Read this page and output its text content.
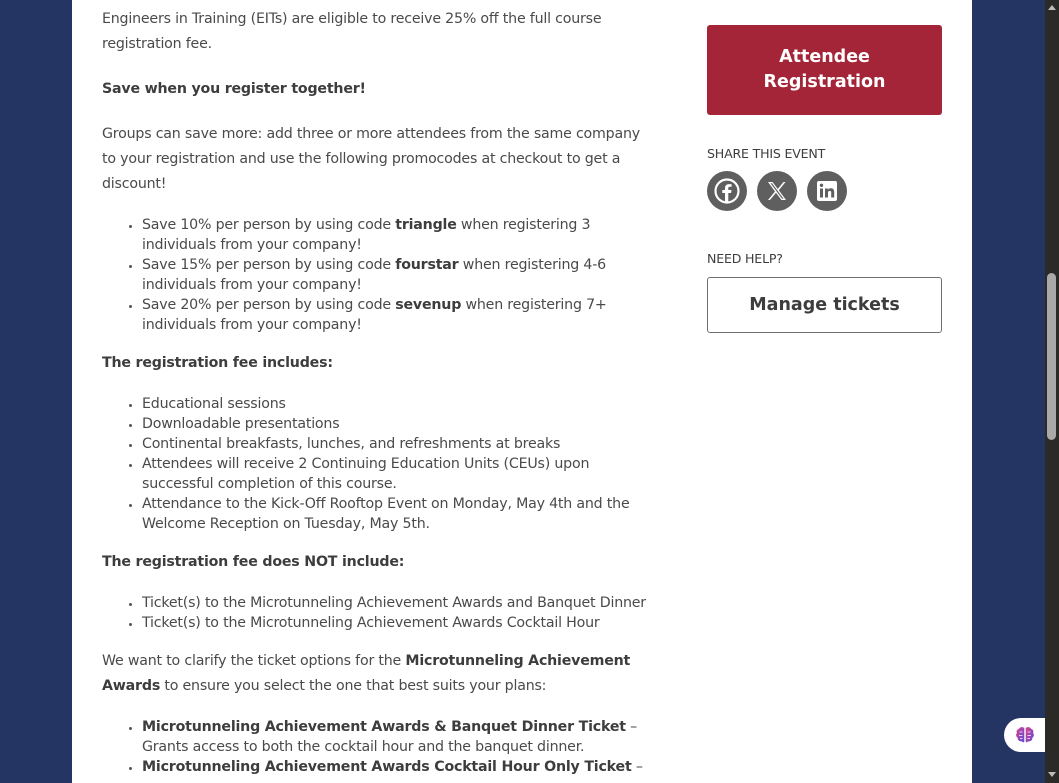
Engineers in Training (EITs) are eligible to receive 25% off the full course registration fee.

Save when you register together!

Groups can save more: add three or more attendees from the same company to your registration and use the following promocodes at checkout to get a discount!

• Save 10% per person by using code triangle when registering 3 individuals from your company!
• Save 15% per person by using code fourstar when registering 4-6 individuals from your company!
• Save 20% per person by using code sevenup when registering 7+ individuals from your company!

The registration fee includes:

• Educational sessions
• Downloadable presentations
• Continental breakfasts, lunches, and refreshments at breaks
• Attendees will receive 2 Continuing Education Units (CEUs) upon successful completion of this course.
• Attendance to the Kick-Off Rooftop Event on Monday, May 4th and the Welcome Reception on Tuesday, May 5th.

The registration fee does NOT include:

• Ticket(s) to the Microtunneling Achievement Awards and Banquet Dinner
• Ticket(s) to the Microtunneling Achievement Awards Cocktail Hour

We want to clarify the ticket options for the Microtunneling Achievement Awards to ensure you select the one that best suits your plans:

• Microtunneling Achievement Awards & Banquet Dinner Ticket – Grants access to both the cocktail hour and the banquet dinner.
• Microtunneling Achievement Awards Cocktail Hour Only Ticket –
Attendee Registration
SHARE THIS EVENT
NEED HELP?
Manage tickets
